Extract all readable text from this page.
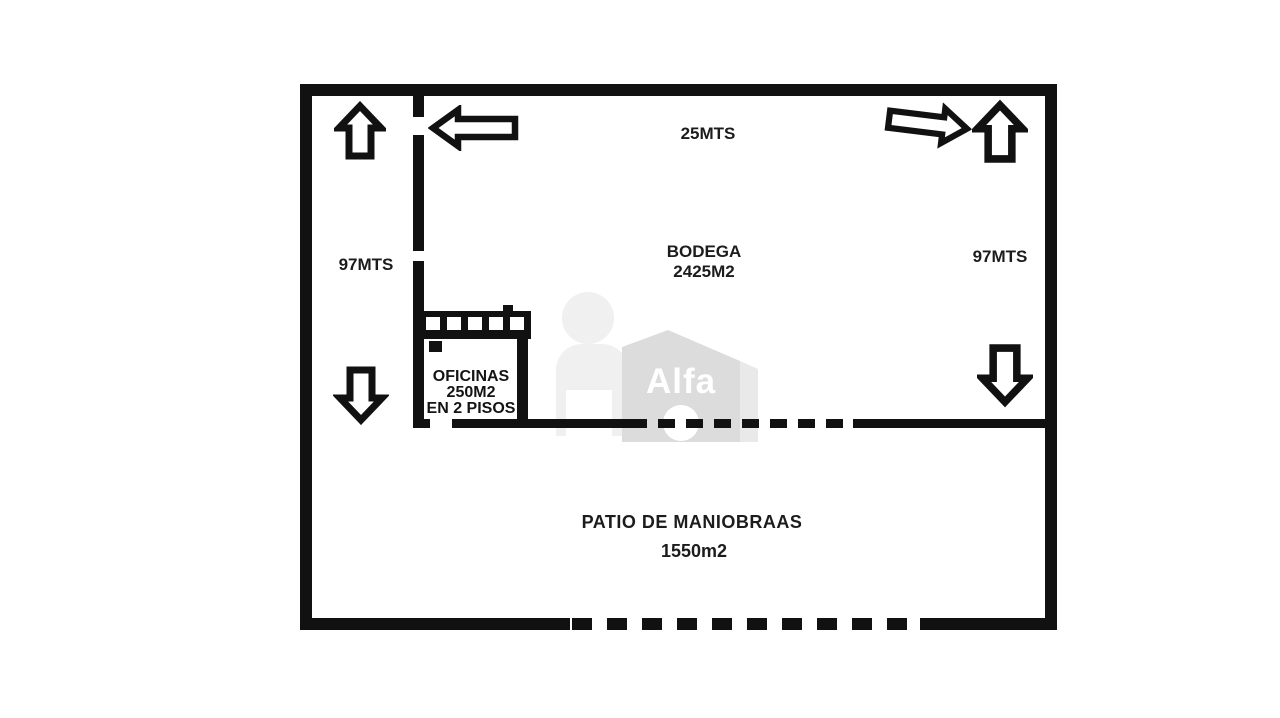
Alfa
25MTS
97MTS	97MTS
BODEGA
2425M2
OFICINAS
250M2
EN 2 PISOS
PATIO DE MANIOBRAAS
1550m2
